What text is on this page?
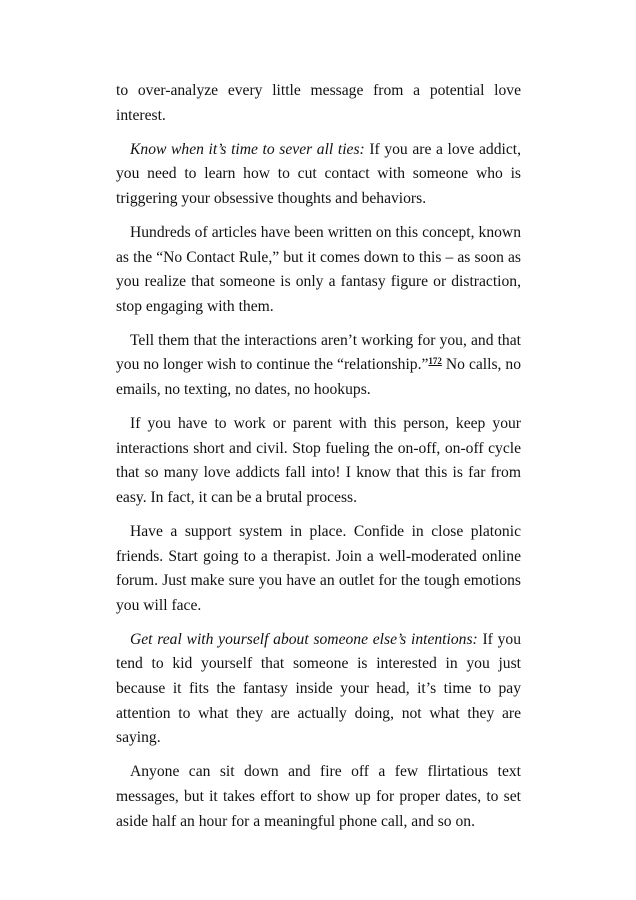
to over-analyze every little message from a potential love interest.

Know when it’s time to sever all ties: If you are a love addict, you need to learn how to cut contact with someone who is triggering your obsessive thoughts and behaviors.

Hundreds of articles have been written on this concept, known as the “No Contact Rule,” but it comes down to this – as soon as you realize that someone is only a fantasy figure or distraction, stop engaging with them.

Tell them that the interactions aren’t working for you, and that you no longer wish to continue the “relationship.”$^{172}$ No calls, no emails, no texting, no dates, no hookups.

If you have to work or parent with this person, keep your interactions short and civil. Stop fueling the on-off, on-off cycle that so many love addicts fall into! I know that this is far from easy. In fact, it can be a brutal process.

Have a support system in place. Confide in close platonic friends. Start going to a therapist. Join a well-moderated online forum. Just make sure you have an outlet for the tough emotions you will face.

Get real with yourself about someone else’s intentions: If you tend to kid yourself that someone is interested in you just because it fits the fantasy inside your head, it’s time to pay attention to what they are actually doing, not what they are saying.

Anyone can sit down and fire off a few flirtatious text messages, but it takes effort to show up for proper dates, to set aside half an hour for a meaningful phone call, and so on.
